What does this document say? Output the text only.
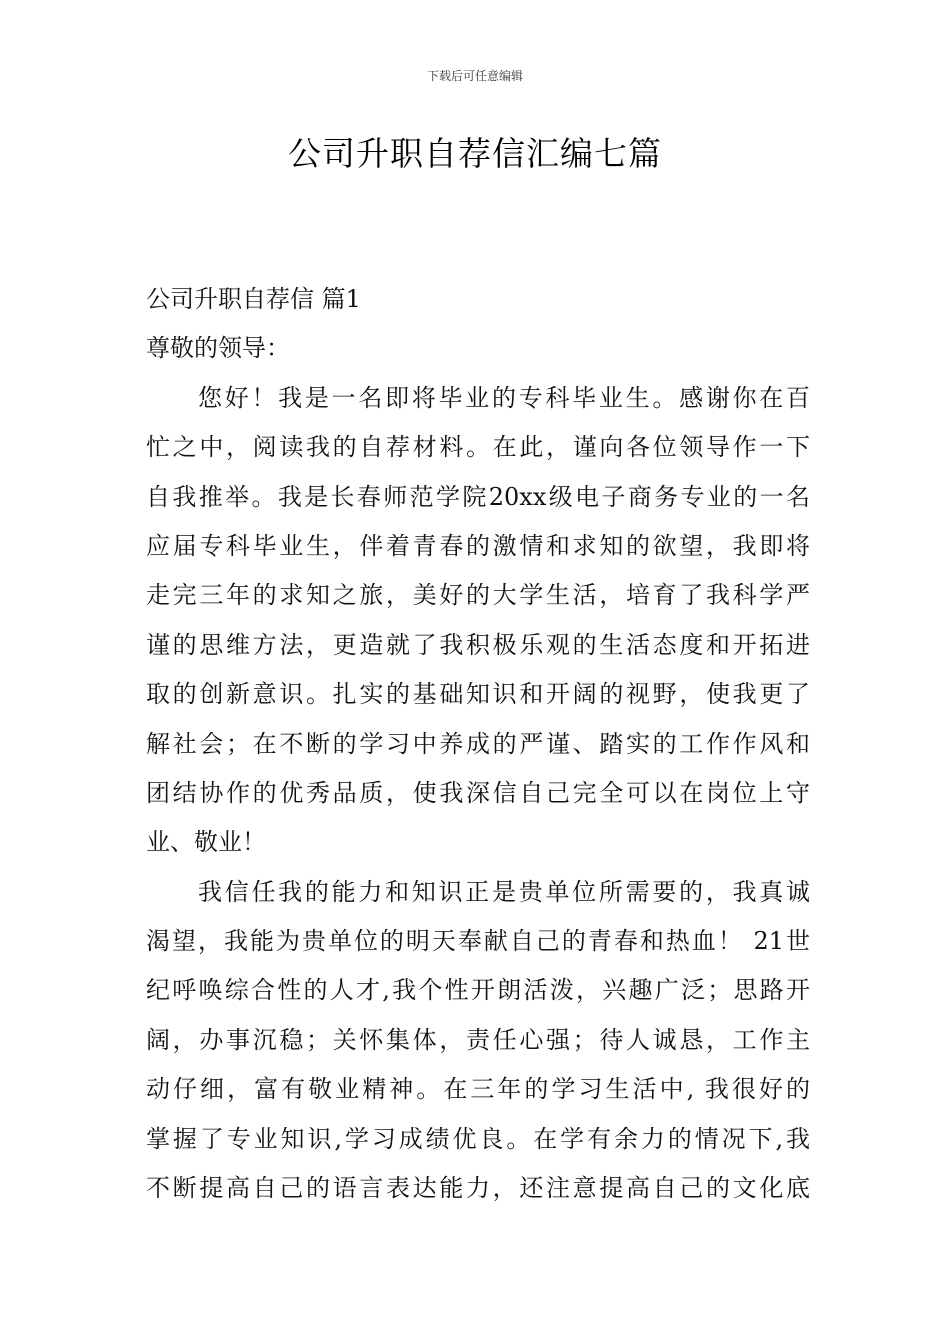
下载后可任意编辑
公司升职自荐信汇编七篇
公司升职自荐信 篇1
尊敬的领导：
您好！我是一名即将毕业的专科毕业生。感谢你在百
忙之中，阅读我的自荐材料。在此，谨向各位领导作一下
自我推举。我是长春师范学院20xx级电子商务专业的一名
应届专科毕业生，伴着青春的激情和求知的欲望，我即将
走完三年的求知之旅，美好的大学生活，培育了我科学严
谨的思维方法，更造就了我积极乐观的生活态度和开拓进
取的创新意识。扎实的基础知识和开阔的视野，使我更了
解社会；在不断的学习中养成的严谨、踏实的工作作风和
团结协作的优秀品质，使我深信自己完全可以在岗位上守
业、敬业！
我信任我的能力和知识正是贵单位所需要的，我真诚
渴望，我能为贵单位的明天奉献自己的青春和热血！ 21世
纪呼唤综合性的人才,我个性开朗活泼，兴趣广泛；思路开
阔，办事沉稳；关怀集体，责任心强；待人诚恳，工作主
动仔细，富有敬业精神。在三年的学习生活中, 我很好的
掌握了专业知识,学习成绩优良。在学有余力的情况下,我
不断提高自己的语言表达能力，还注意提高自己的文化底
